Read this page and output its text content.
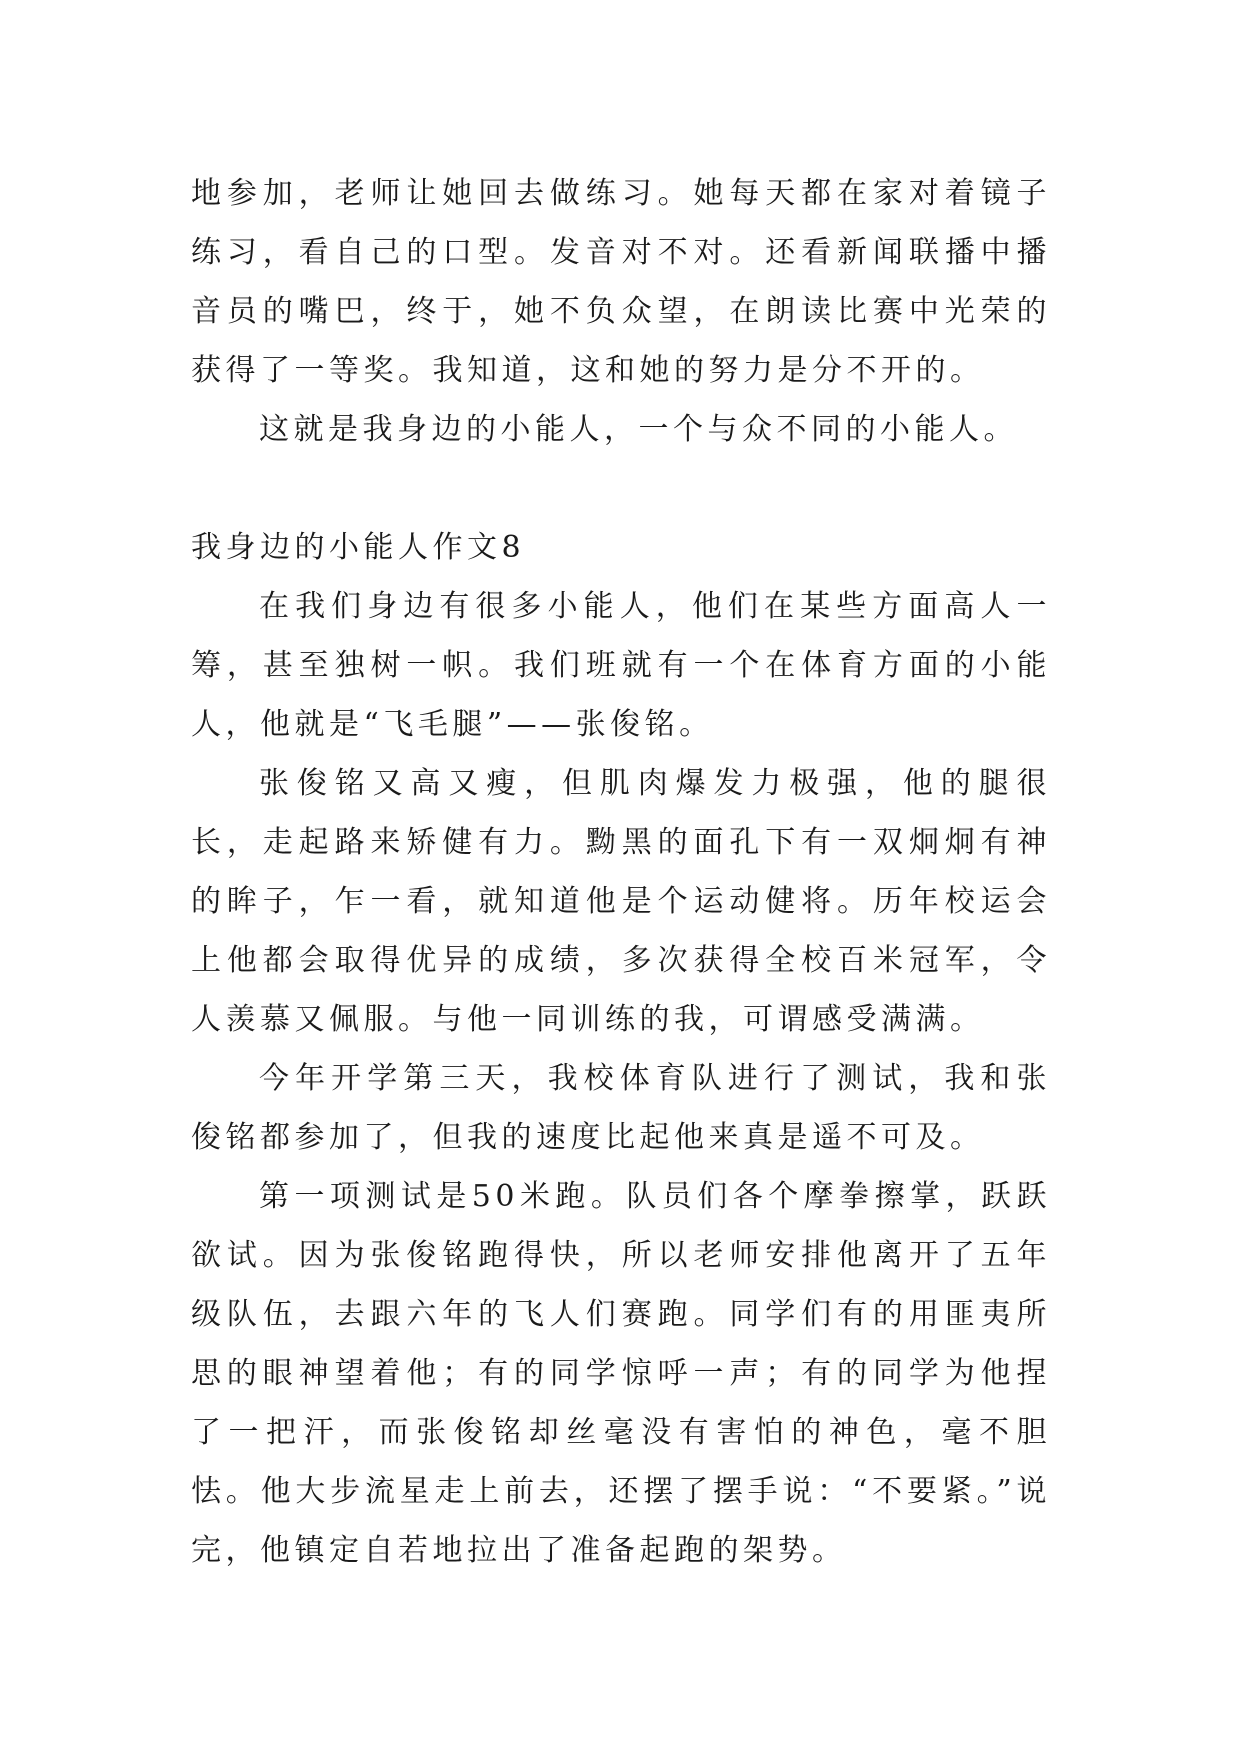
地参加，老师让她回去做练习。她每天都在家对着镜子练习，看自己的口型。发音对不对。还看新闻联播中播音员的嘴巴，终于，她不负众望，在朗读比赛中光荣的获得了一等奖。我知道，这和她的努力是分不开的。

这就是我身边的小能人，一个与众不同的小能人。

我身边的小能人作文8

在我们身边有很多小能人，他们在某些方面高人一筹，甚至独树一帜。我们班就有一个在体育方面的小能人，他就是“飞毛腿”——张俊铭。

张俊铭又高又瘦，但肌肉爆发力极强，他的腿很长，走起路来矫健有力。黝黑的面孔下有一双炯炯有神的眸子，乍一看，就知道他是个运动健将。历年校运会上他都会取得优异的成绩，多次获得全校百米冠军，令人羡慕又佩服。与他一同训练的我，可谓感受满满。

今年开学第三天，我校体育队进行了测试，我和张俊铭都参加了，但我的速度比起他来真是遥不可及。

第一项测试是50米跑。队员们各个摩拳擦掌，跃跃欲试。因为张俊铭跑得快，所以老师安排他离开了五年级队伍，去跟六年的飞人们赛跑。同学们有的用匪夷所思的眼神望着他；有的同学惊呼一声；有的同学为他捏了一把汗，而张俊铭却丝毫没有害怕的神色，毫不胆怯。他大步流星走上前去，还摆了摆手说：“不要紧。”说完，他镇定自若地拉出了准备起跑的架势。
